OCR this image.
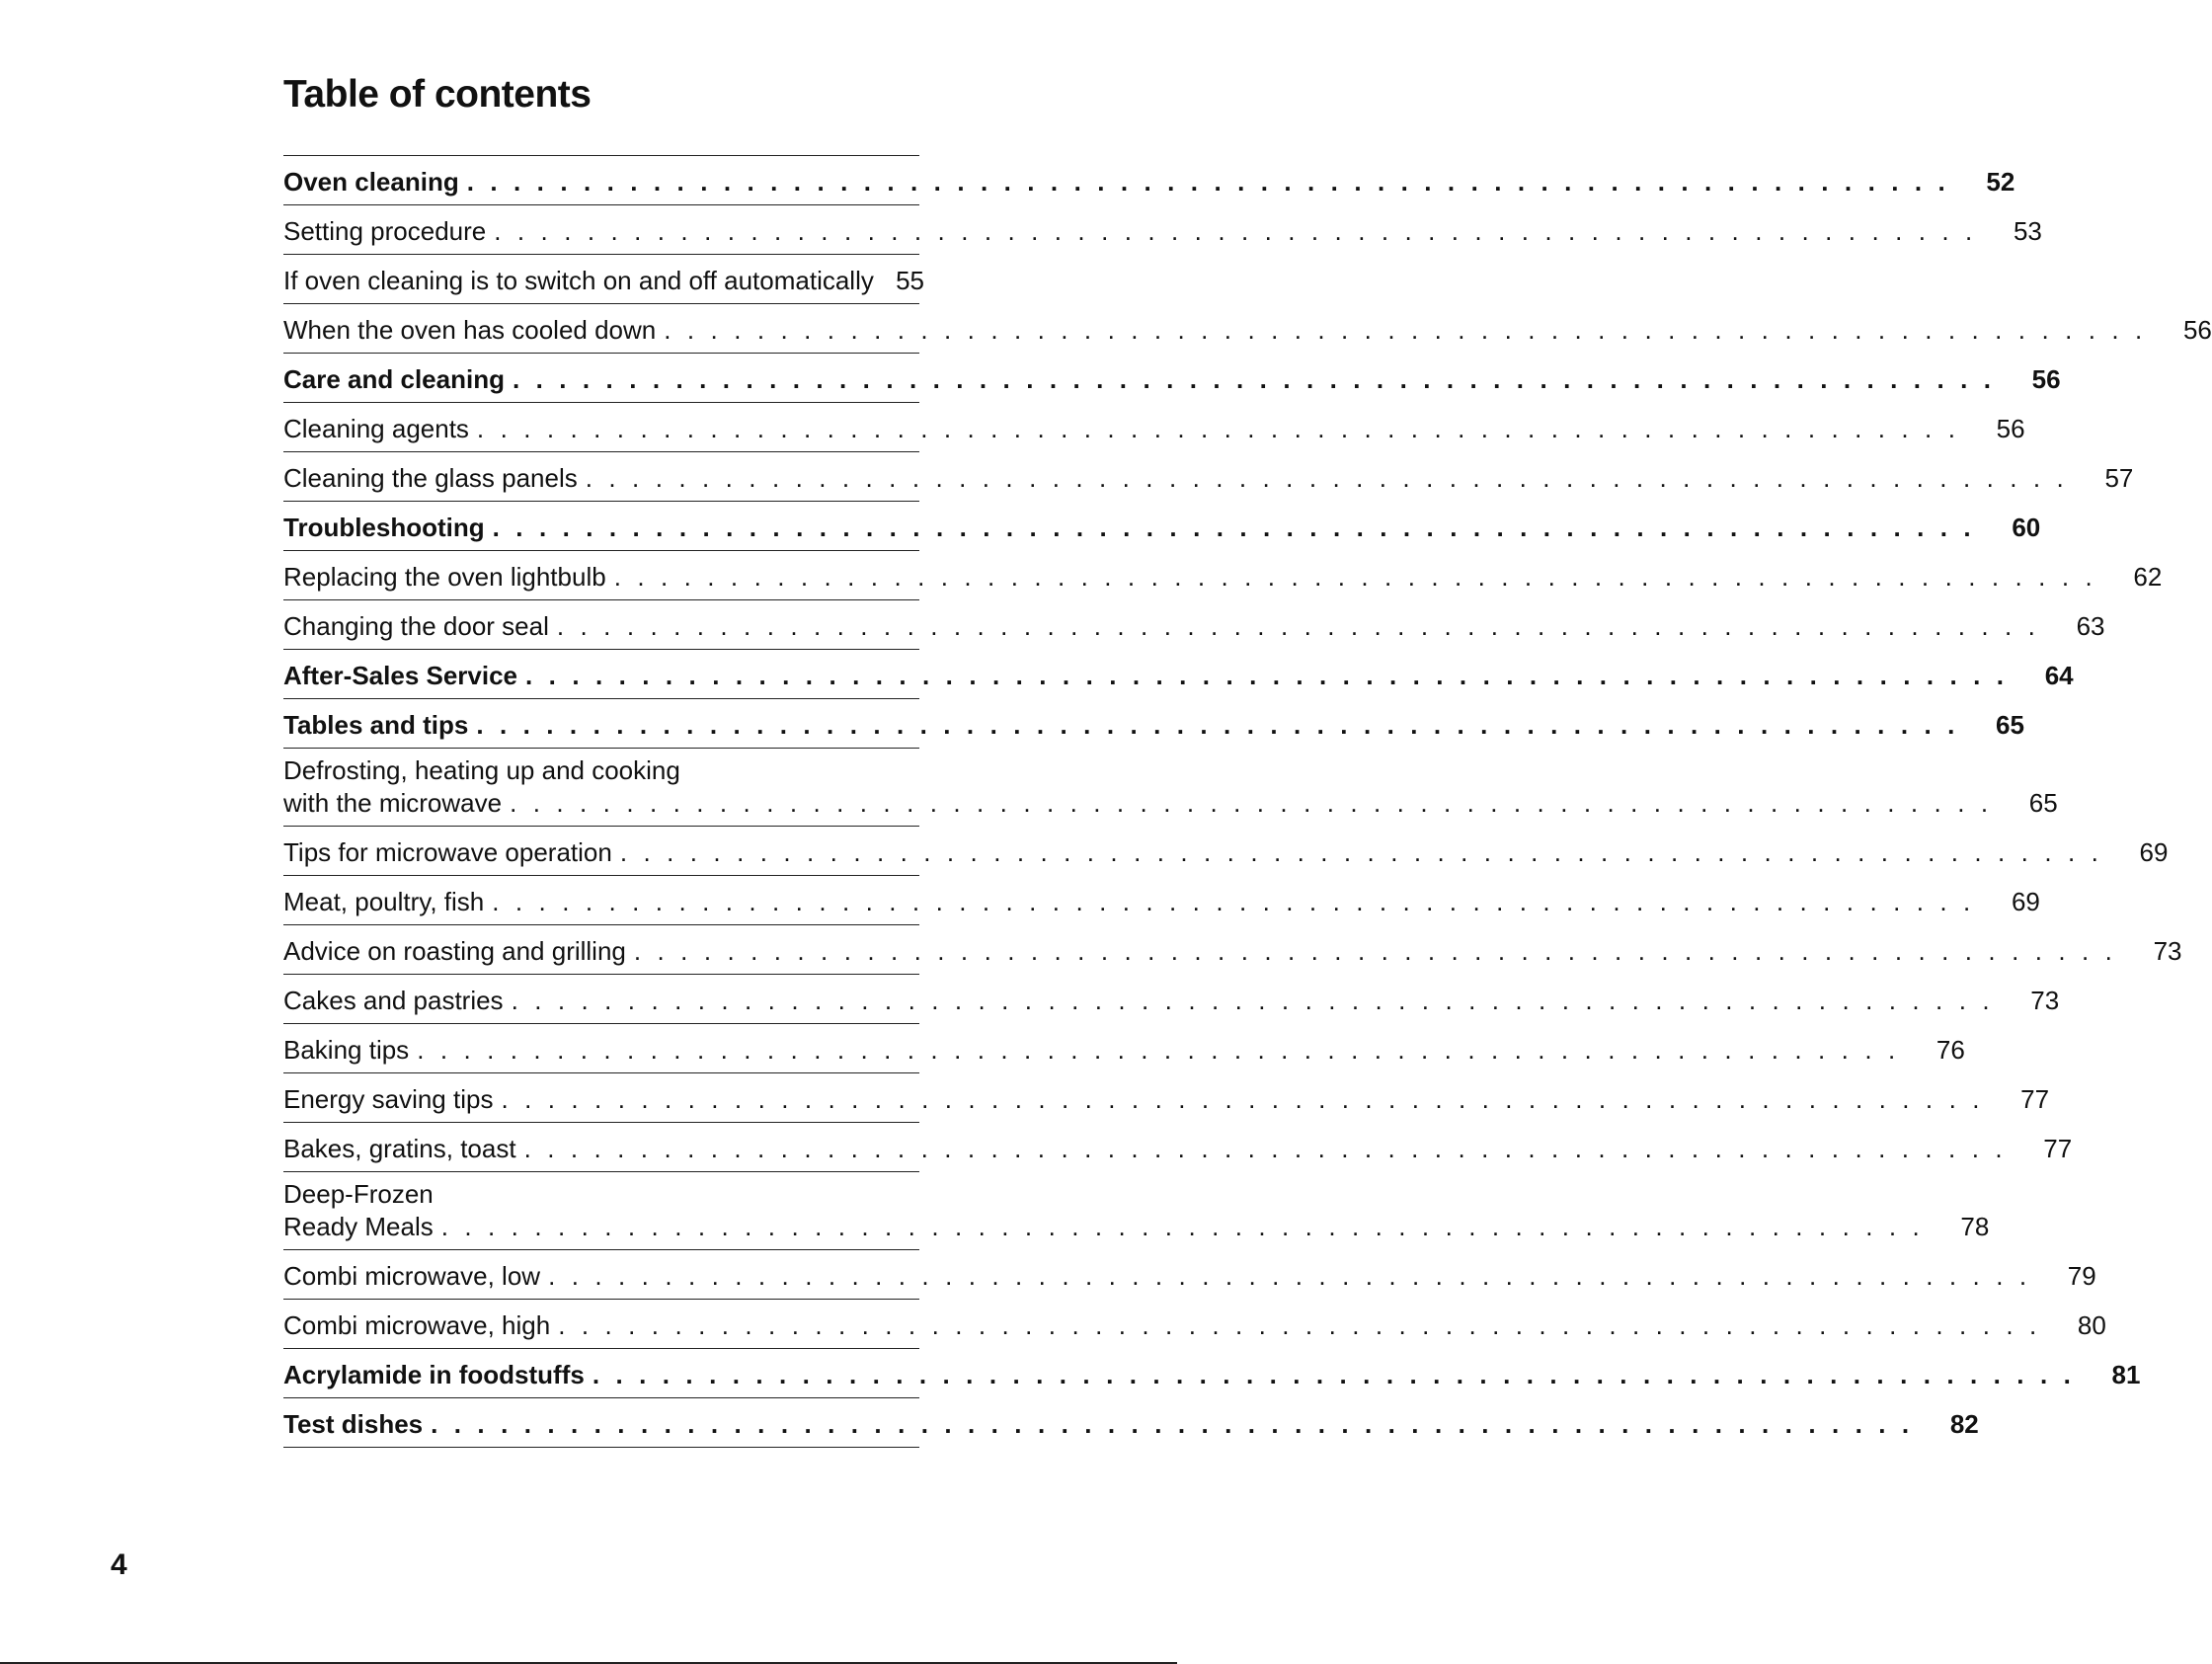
Table of contents
Oven cleaning . . . . . . . . . . . . . . . . . . . . . . . . . . . . . . . . . . . . . . . . . . . . . . . . . . . . . . . . . . . . . . . . 52
Setting procedure . . . . . . . . . . . . . . . . . . . . . . . . . . . . . . . . . . . . . . . . . . . . . . . . . . . . . . . . . . . . . . . . 53
If oven cleaning is to switch on and off automatically 55
When the oven has cooled down . . . . . . . . . . . . . . . . . . . . . . . . . . . . . . . . . . . . . . . . . . . . . . . . . . . . . . . . . . . . . . . . 56
Care and cleaning . . . . . . . . . . . . . . . . . . . . . . . . . . . . . . . . . . . . . . . . . . . . . . . . . . . . . . . . . . . . . . . . 56
Cleaning agents . . . . . . . . . . . . . . . . . . . . . . . . . . . . . . . . . . . . . . . . . . . . . . . . . . . . . . . . . . . . . . . . 56
Cleaning the glass panels . . . . . . . . . . . . . . . . . . . . . . . . . . . . . . . . . . . . . . . . . . . . . . . . . . . . . . . . . . . . . . . . 57
Troubleshooting . . . . . . . . . . . . . . . . . . . . . . . . . . . . . . . . . . . . . . . . . . . . . . . . . . . . . . . . . . . . . . . . 60
Replacing the oven lightbulb . . . . . . . . . . . . . . . . . . . . . . . . . . . . . . . . . . . . . . . . . . . . . . . . . . . . . . . . . . . . . . . . 62
Changing the door seal . . . . . . . . . . . . . . . . . . . . . . . . . . . . . . . . . . . . . . . . . . . . . . . . . . . . . . . . . . . . . . . . 63
After-Sales Service . . . . . . . . . . . . . . . . . . . . . . . . . . . . . . . . . . . . . . . . . . . . . . . . . . . . . . . . . . . . . . . . 64
Tables and tips . . . . . . . . . . . . . . . . . . . . . . . . . . . . . . . . . . . . . . . . . . . . . . . . . . . . . . . . . . . . . . . . 65
Defrosting, heating up and cooking
with the microwave . . . . . . . . . . . . . . . . . . . . . . . . . . . . . . . . . . . . . . . . . . . . . . . . . . . . . . . . . . . . . . . . 65
Tips for microwave operation . . . . . . . . . . . . . . . . . . . . . . . . . . . . . . . . . . . . . . . . . . . . . . . . . . . . . . . . . . . . . . . . 69
Meat, poultry, fish . . . . . . . . . . . . . . . . . . . . . . . . . . . . . . . . . . . . . . . . . . . . . . . . . . . . . . . . . . . . . . . . 69
Advice on roasting and grilling . . . . . . . . . . . . . . . . . . . . . . . . . . . . . . . . . . . . . . . . . . . . . . . . . . . . . . . . . . . . . . . . 73
Cakes and pastries . . . . . . . . . . . . . . . . . . . . . . . . . . . . . . . . . . . . . . . . . . . . . . . . . . . . . . . . . . . . . . . . 73
Baking tips . . . . . . . . . . . . . . . . . . . . . . . . . . . . . . . . . . . . . . . . . . . . . . . . . . . . . . . . . . . . . . . . 76
Energy saving tips . . . . . . . . . . . . . . . . . . . . . . . . . . . . . . . . . . . . . . . . . . . . . . . . . . . . . . . . . . . . . . . . 77
Bakes, gratins, toast . . . . . . . . . . . . . . . . . . . . . . . . . . . . . . . . . . . . . . . . . . . . . . . . . . . . . . . . . . . . . . . . 77
Deep-Frozen
Ready Meals . . . . . . . . . . . . . . . . . . . . . . . . . . . . . . . . . . . . . . . . . . . . . . . . . . . . . . . . . . . . . . . . 78
Combi microwave, low . . . . . . . . . . . . . . . . . . . . . . . . . . . . . . . . . . . . . . . . . . . . . . . . . . . . . . . . . . . . . . . . 79
Combi microwave, high . . . . . . . . . . . . . . . . . . . . . . . . . . . . . . . . . . . . . . . . . . . . . . . . . . . . . . . . . . . . . . . . 80
Acrylamide in foodstuffs . . . . . . . . . . . . . . . . . . . . . . . . . . . . . . . . . . . . . . . . . . . . . . . . . . . . . . . . . . . . . . . . 81
Test dishes . . . . . . . . . . . . . . . . . . . . . . . . . . . . . . . . . . . . . . . . . . . . . . . . . . . . . . . . . . . . . . . . 82
4
